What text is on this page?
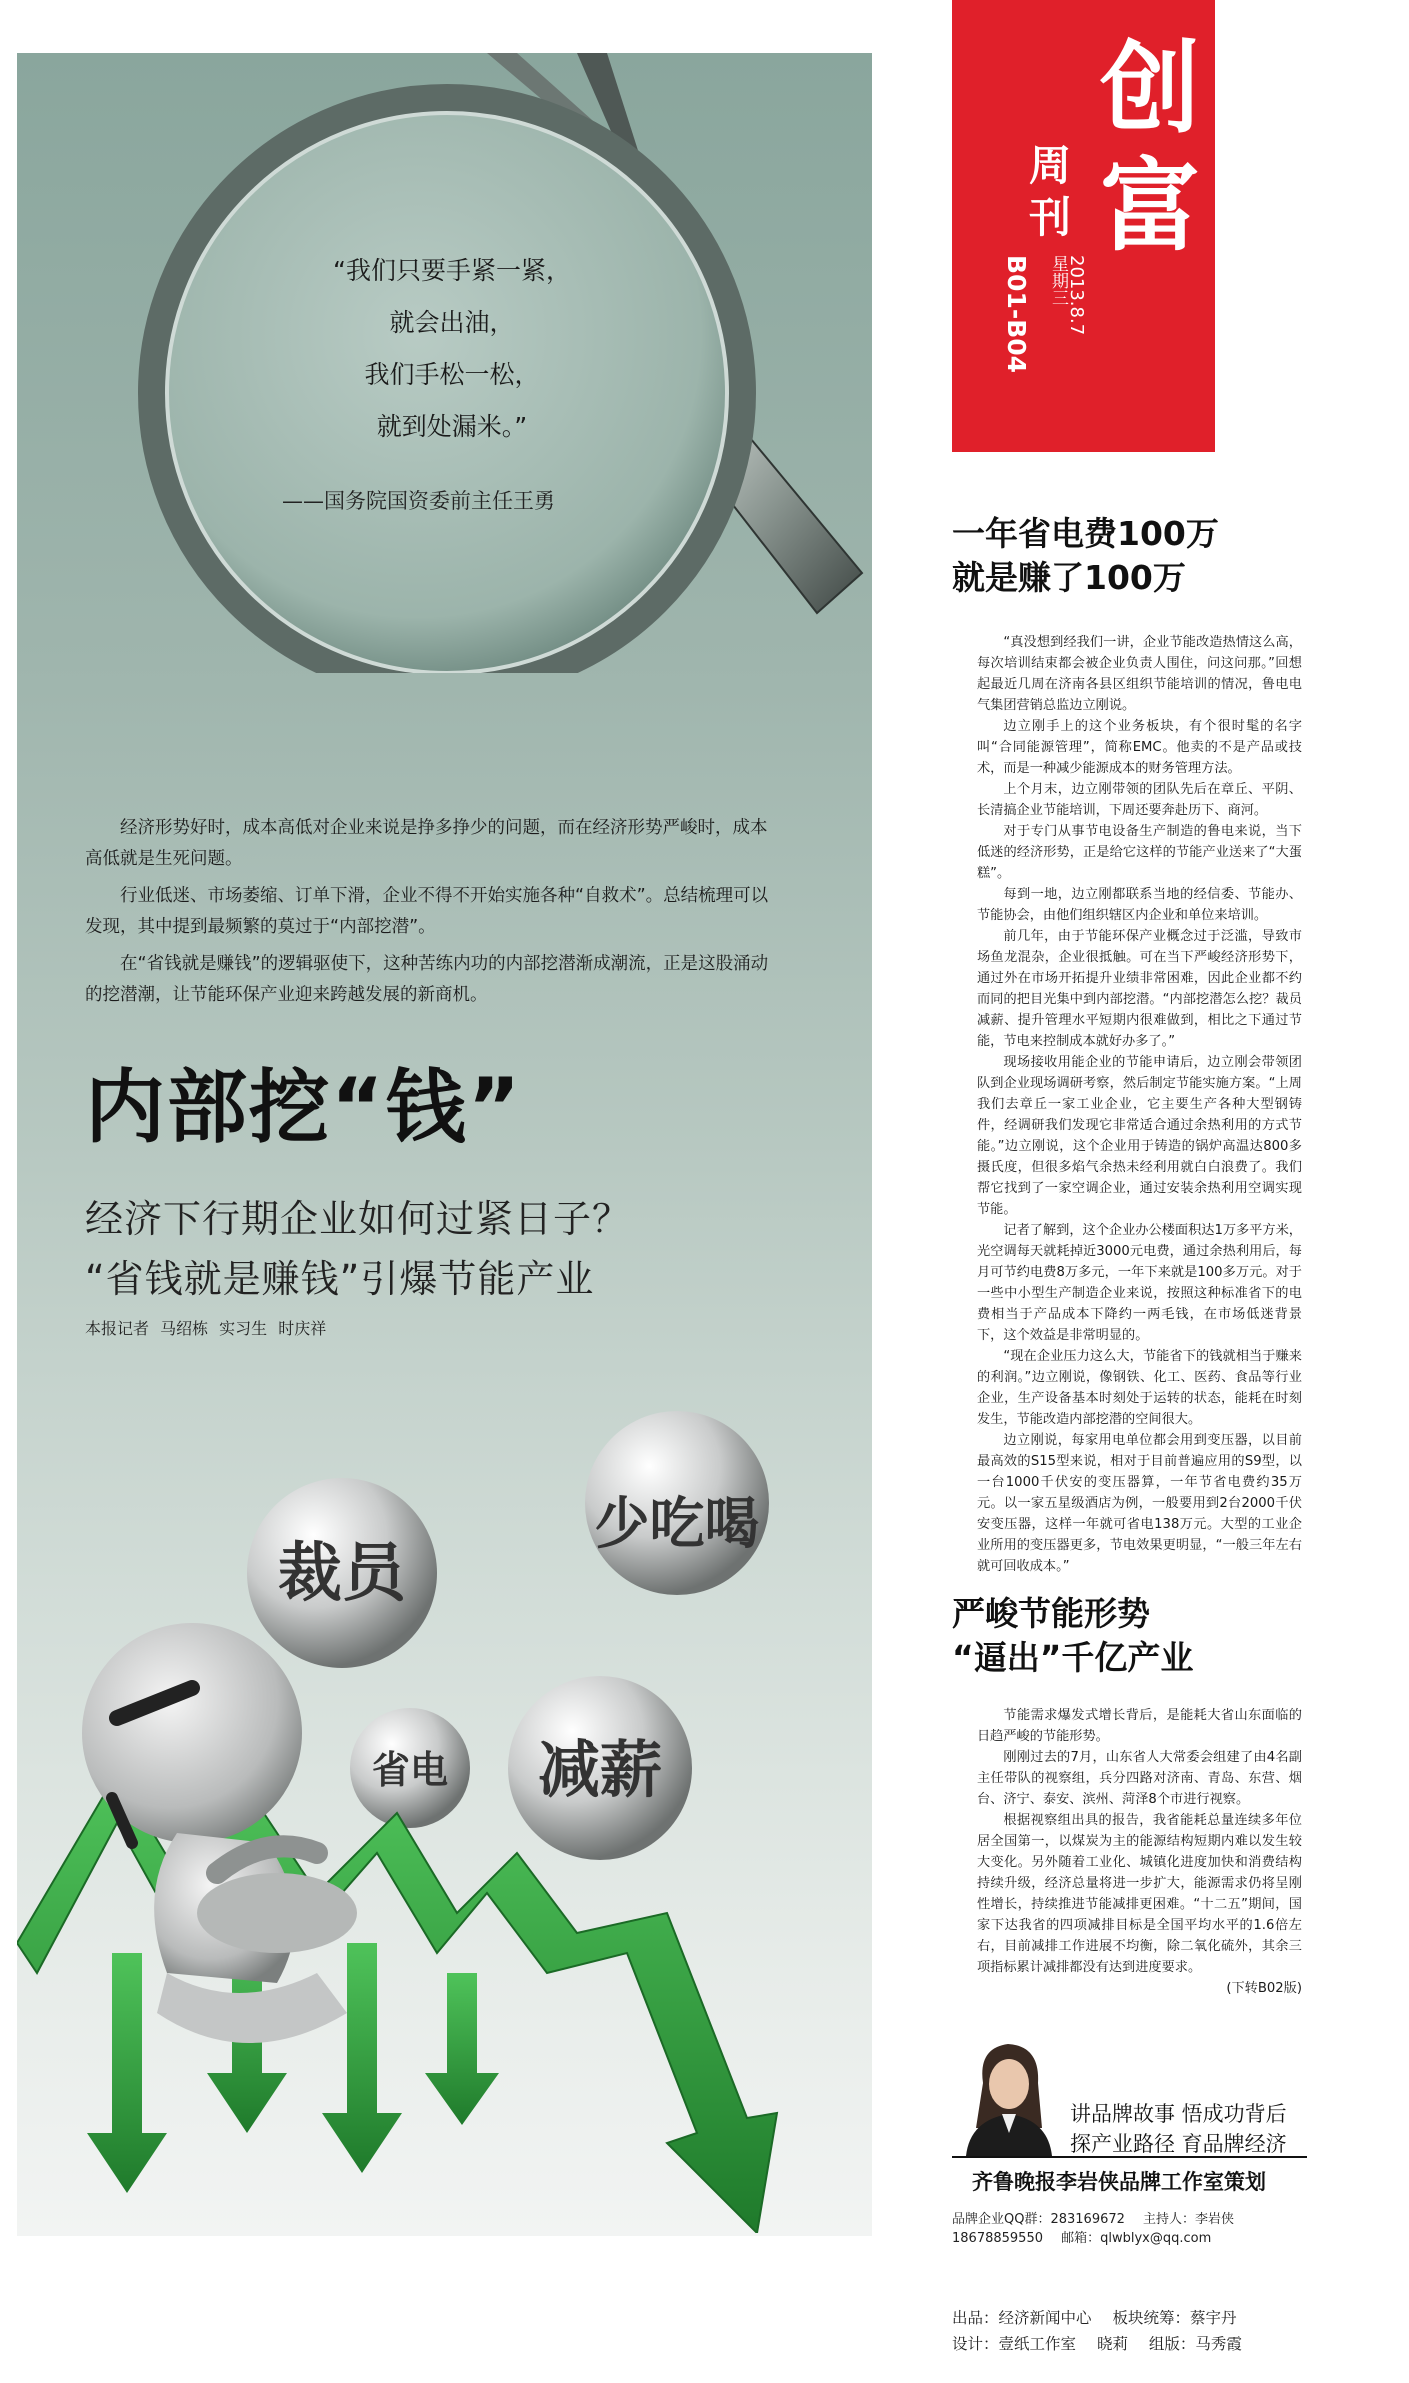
“我们只要手紧一紧，
就会出油，
我们手松一松，
就到处漏米。”
——国务院国资委前主任王勇

经济形势好时，成本高低对企业来说是挣多挣少的问题，而在经济形势严峻时，成本高低就是生死问题。

行业低迷、市场萎缩、订单下滑，企业不得不开始实施各种“自救术”。总结梳理可以发现，其中提到最频繁的莫过于“内部挖潜”。

在“省钱就是赚钱”的逻辑驱使下，这种苦练内功的内部挖潜渐成潮流，正是这股涌动的挖潜潮，让节能环保产业迎来跨越发展的新商机。

内部挖“钱”
经济下行期企业如何过紧日子？
“省钱就是赚钱”引爆节能产业
本报记者 马绍栋 实习生 时庆祥
裁员
少吃喝
省电 减薪
创
富
周
刊
2013.8.7
星期三
B01-B04
一年省电费100万
就是赚了100万

“真没想到经我们一讲，企业节能改造热情这么高，每次培训结束都会被企业负责人围住，问这问那。”回想起最近几周在济南各县区组织节能培训的情况，鲁电电气集团营销总监边立刚说。

边立刚手上的这个业务板块，有个很时髦的名字叫“合同能源管理”，简称EMC。他卖的不是产品或技术，而是一种减少能源成本的财务管理方法。

上个月末，边立刚带领的团队先后在章丘、平阴、长清搞企业节能培训，下周还要奔赴历下、商河。

对于专门从事节电设备生产制造的鲁电来说，当下低迷的经济形势，正是给它这样的节能产业送来了“大蛋糕”。

每到一地，边立刚都联系当地的经信委、节能办、节能协会，由他们组织辖区内企业和单位来培训。

前几年，由于节能环保产业概念过于泛滥，导致市场鱼龙混杂，企业很抵触。可在当下严峻经济形势下，通过外在市场开拓提升业绩非常困难，因此企业都不约而同的把目光集中到内部挖潜。“内部挖潜怎么挖？裁员减薪、提升管理水平短期内很难做到，相比之下通过节能，节电来控制成本就好办多了。”

现场接收用能企业的节能申请后，边立刚会带领团队到企业现场调研考察，然后制定节能实施方案。“上周我们去章丘一家工业企业，它主要生产各种大型钢铸件，经调研我们发现它非常适合通过余热利用的方式节能。”边立刚说，这个企业用于铸造的锅炉高温达800多摄氏度，但很多焰气余热未经利用就白白浪费了。我们帮它找到了一家空调企业，通过安装余热利用空调实现节能。

记者了解到，这个企业办公楼面积达1万多平方米，光空调每天就耗掉近3000元电费，通过余热利用后，每月可节约电费8万多元，一年下来就是100多万元。对于一些中小型生产制造企业来说，按照这种标准省下的电费相当于产品成本下降约一两毛钱，在市场低迷背景下，这个效益是非常明显的。

“现在企业压力这么大，节能省下的钱就相当于赚来的利润。”边立刚说，像钢铁、化工、医药、食品等行业企业，生产设备基本时刻处于运转的状态，能耗在时刻发生，节能改造内部挖潜的空间很大。

边立刚说，每家用电单位都会用到变压器，以目前最高效的S15型来说，相对于目前普遍应用的S9型，以一台1000千伏安的变压器算，一年节省电费约35万元。以一家五星级酒店为例，一般要用到2台2000千伏安变压器，这样一年就可省电138万元。大型的工业企业所用的变压器更多，节电效果更明显，“一般三年左右就可回收成本。”

严峻节能形势
“逼出”千亿产业

节能需求爆发式增长背后，是能耗大省山东面临的日趋严峻的节能形势。

刚刚过去的7月，山东省人大常委会组建了由4名副主任带队的视察组，兵分四路对济南、青岛、东营、烟台、济宁、泰安、滨州、菏泽8个市进行视察。

根据视察组出具的报告，我省能耗总量连续多年位居全国第一，以煤炭为主的能源结构短期内难以发生较大变化。另外随着工业化、城镇化进度加快和消费结构持续升级，经济总量将进一步扩大，能源需求仍将呈刚性增长，持续推进节能减排更困难。“十二五”期间，国家下达我省的四项减排目标是全国平均水平的1.6倍左右，目前减排工作进展不均衡，除二氧化硫外，其余三项指标累计减排都没有达到进度要求。

(下转B02版)

讲品牌故事 悟成功背后
探产业路径 育品牌经济
齐鲁晚报李岩侠品牌工作室策划
品牌企业QQ群：283169672 主持人：李岩侠
18678859550 邮箱：qlwblyx@qq.com
出品：经济新闻中心 板块统筹：蔡宇丹
设计：壹纸工作室 晓莉 组版：马秀霞
